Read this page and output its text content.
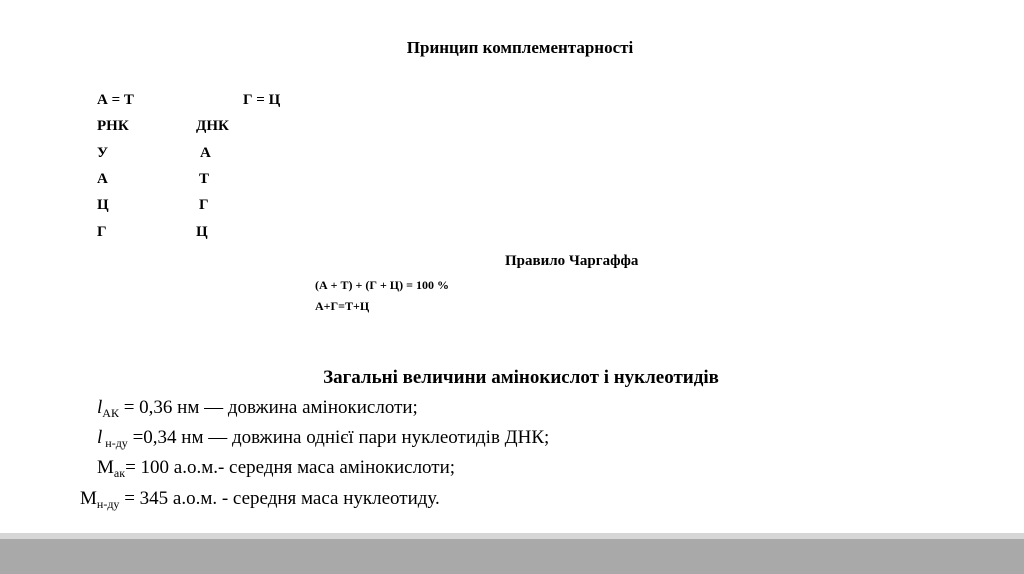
Принцип комплементарності
А = Т	Г = Ц
РНК	ДНК
У	А
А	Т
Ц	Г
Г	Ц
Правило Чаргаффа
(А + Т) + (Г + Ц) = 100 %
А+Г=Т+Ц
Загальні величини амінокислот і нуклеотидів
$l_{АК} = 0,36$ нм — довжина амінокислоти;
l $_{н-ду}$ =0,34 нм — довжина однієї пари нуклеотидів ДНК;
$М_{ак}= 100$ а.о.м.- середня маса амінокислоти;
$М_{н-ду} = 345$ а.о.м. - середня маса нуклеотиду.
